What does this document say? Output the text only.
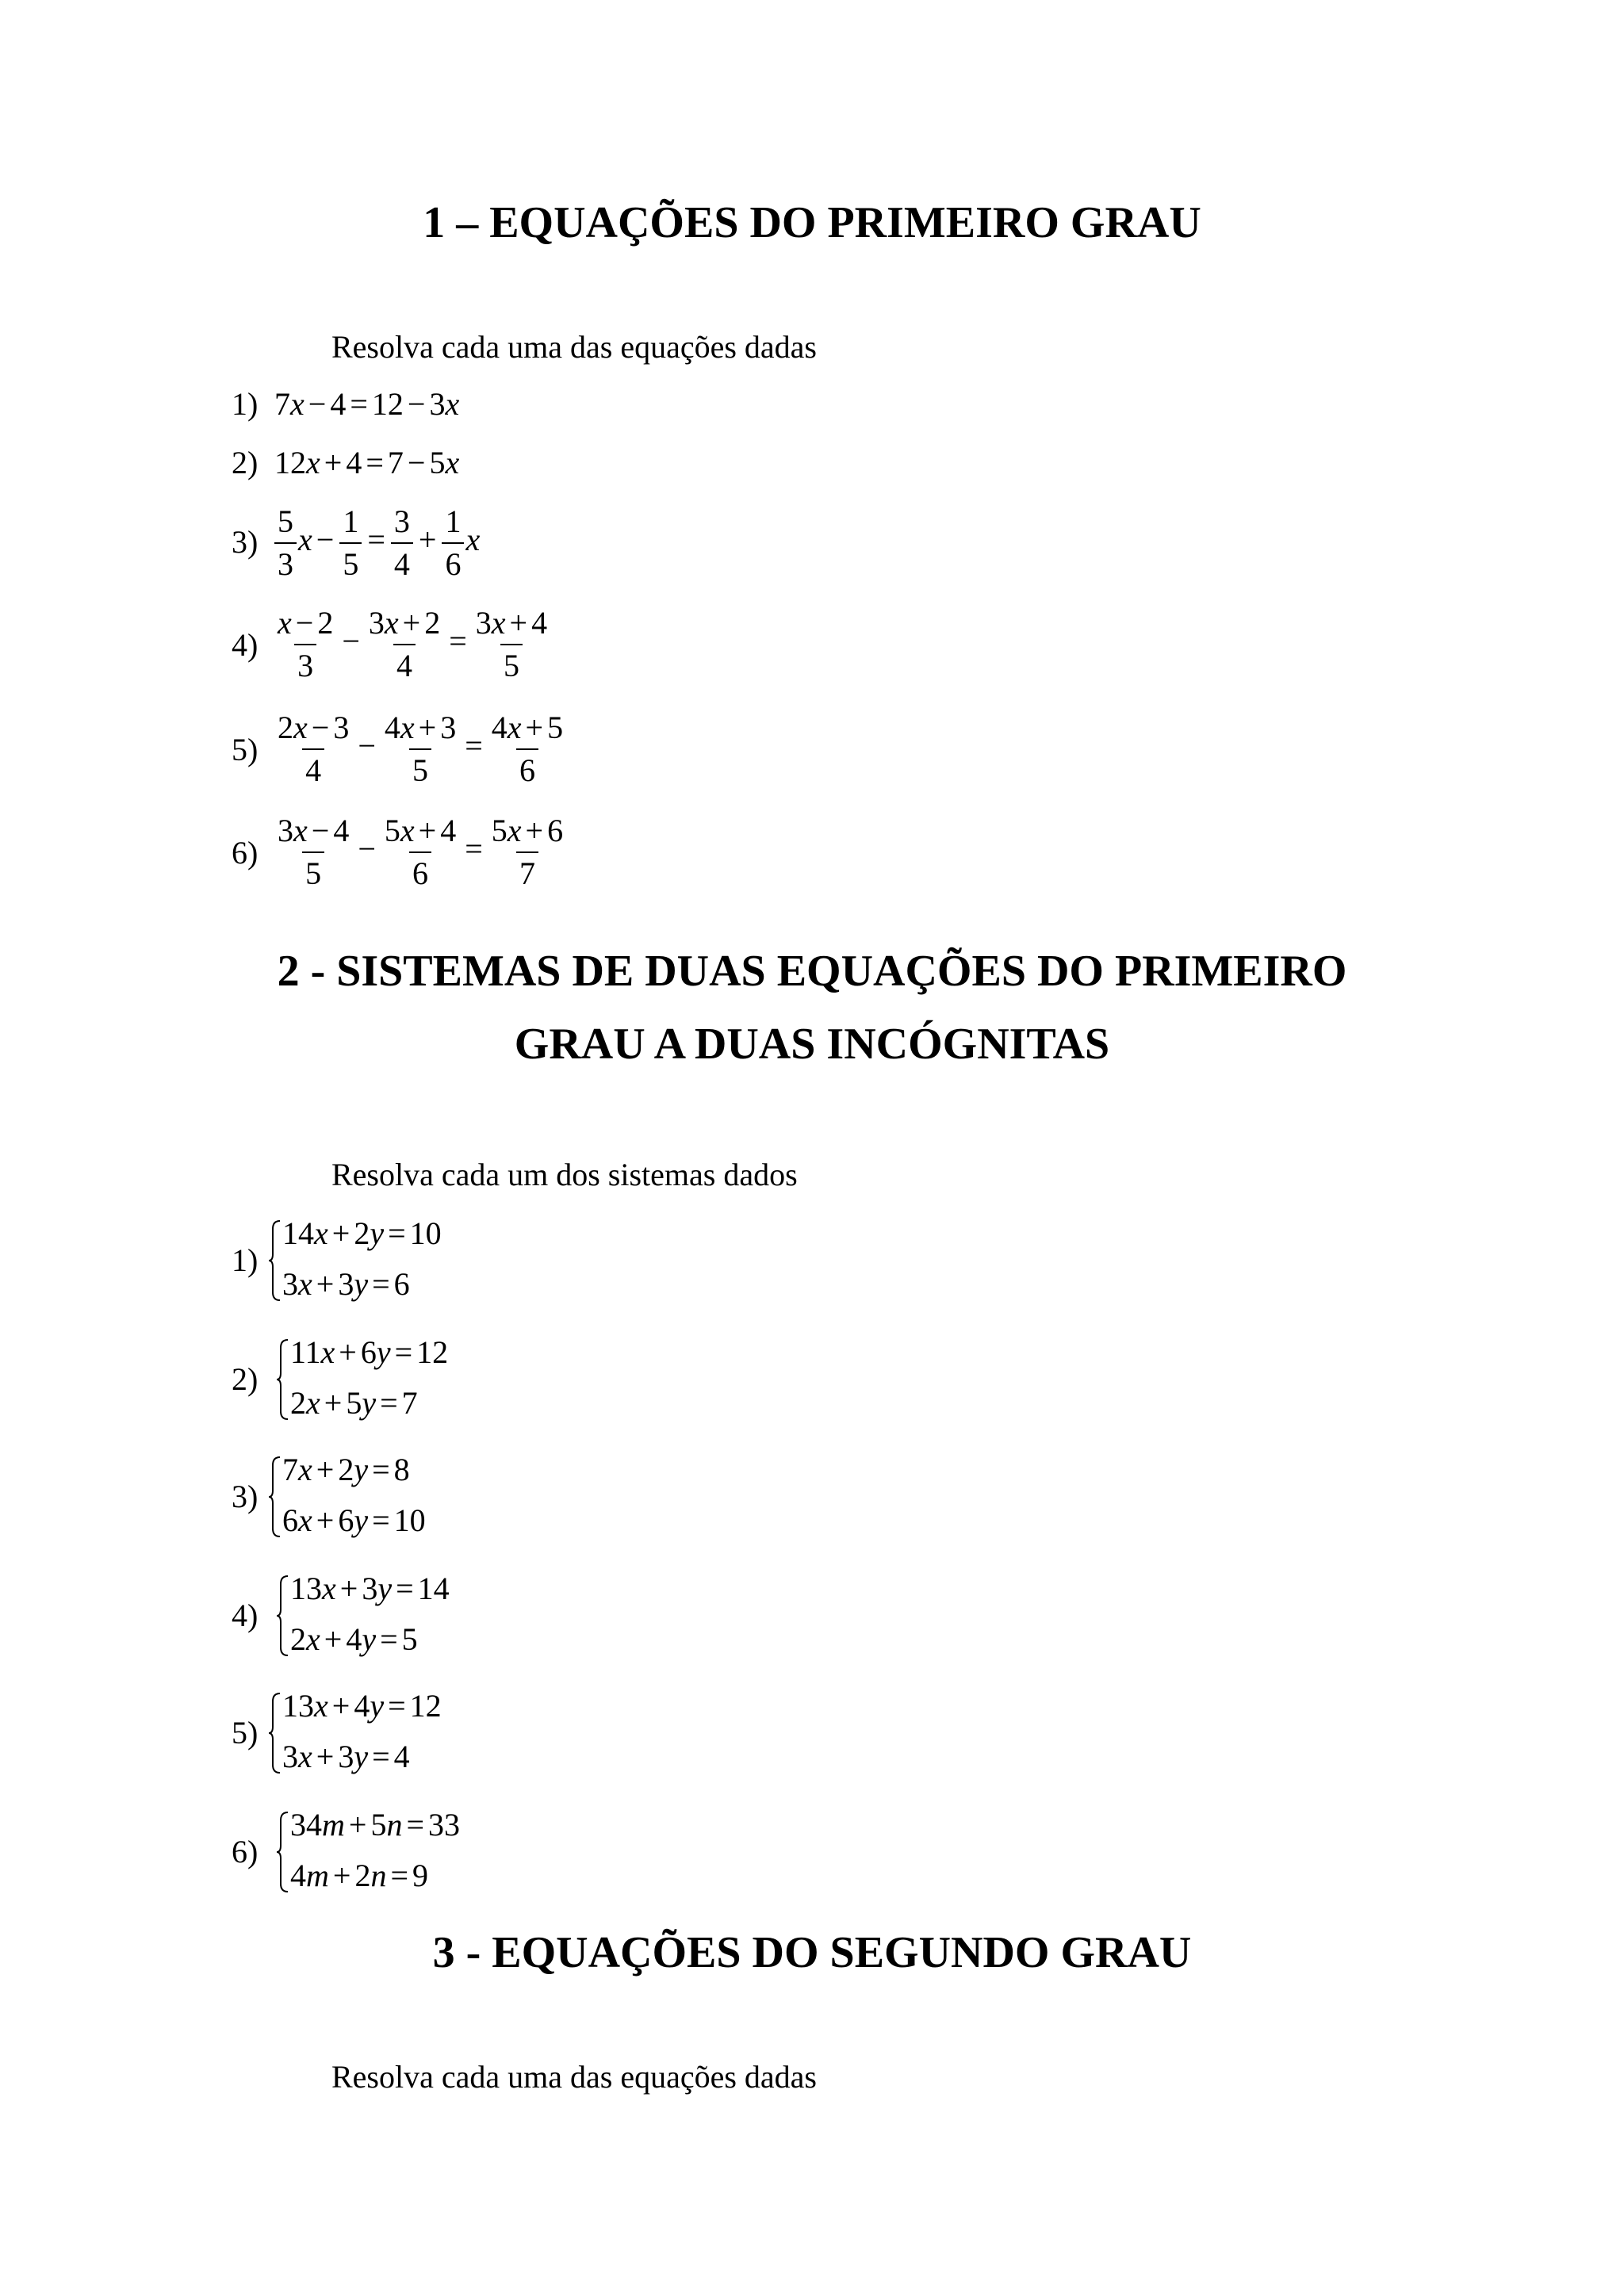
1 – EQUAÇÕES DO PRIMEIRO GRAU
Resolva cada uma das equações dadas
1) 7x − 4 = 12 − 3x
2) 12x + 4 = 7 − 5x
$3) \frac{5}{3}$ $x - \frac{1}{5} = \frac{3}{4} + \frac{1}{6}$ x
$4) \frac{x - 2}{3} - \frac{3x + 2}{4} = \frac{3x + 4}{5}$
$5) \frac{2x - 3}{4} - \frac{4x + 3}{5} = \frac{4x + 5}{6}$
$6) \frac{3x - 4}{5} - \frac{5x + 4}{6} = \frac{5x + 6}{7}$
2 - SISTEMAS DE DUAS EQUAÇÕES DO PRIMEIRO
GRAU A DUAS INCÓGNITAS
Resolva cada um dos sistemas dados
1)
14x + 2y = 10
3x + 3y = 6
2)
11x + 6y = 12
2x + 5y = 7
3)
7x + 2y = 8
6x + 6y = 10
4)
13x + 3y = 14
2x + 4y = 5
5)
13x + 4y = 12
3x + 3y = 4
6)
34m + 5n = 33
4m + 2n = 9
3 - EQUAÇÕES DO SEGUNDO GRAU
Resolva cada uma das equações dadas
